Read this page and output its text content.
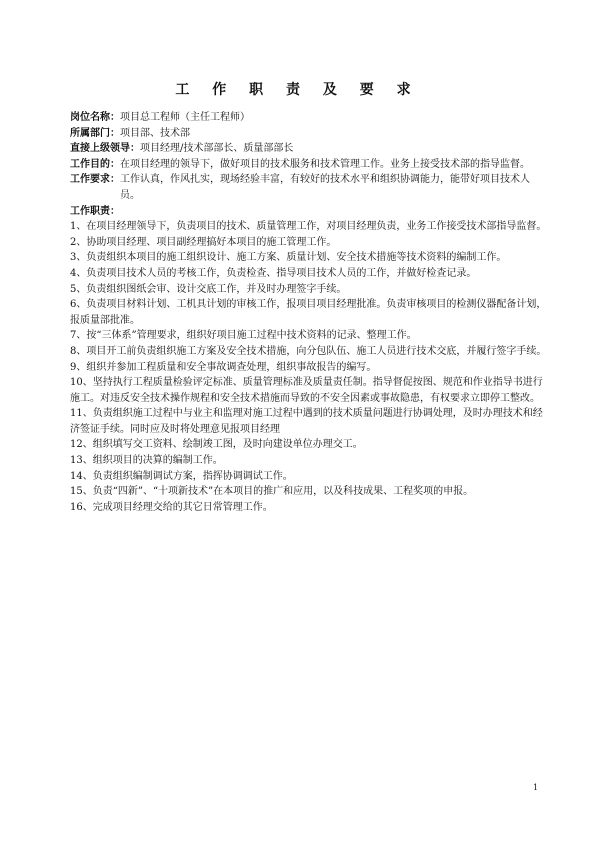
工 作 职 责 及 要 求
岗位名称： 项目总工程师（主任工程师）
所属部门： 项目部、技术部
直接上级领导： 项目经理/技术部部长、质量部部长
工作目的： 在项目经理的领导下，做好项目的技术服务和技术管理工作。业务上接受技术部的指导监督。
工作要求： 工作认真，作风扎实，现场经验丰富，有较好的技术水平和组织协调能力，能带好项目技术人员。
工作职责：
1、在项目经理领导下，负责项目的技术、质量管理工作，对项目经理负责，业务工作接受技术部指导监督。
2、协助项目经理、项目副经理搞好本项目的施工管理工作。
3、负责组织本项目的施工组织设计、施工方案、质量计划、安全技术措施等技术资料的编制工作。
4、负责项目技术人员的考核工作，负责检查、指导项目技术人员的工作，并做好检查记录。
5、负责组织图纸会审、设计交底工作，并及时办理签字手续。
6、负责项目材料计划、工机具计划的审核工作，报项目项目经理批准。负责审核项目的检测仪器配备计划，报质量部批准。
7、按“三体系”管理要求，组织好项目施工过程中技术资料的记录、整理工作。
8、项目开工前负责组织施工方案及安全技术措施，向分包队伍、施工人员进行技术交底，并履行签字手续。
9、组织并参加工程质量和安全事故调查处理，组织事故报告的编写。
10、坚持执行工程质量检验评定标准、质量管理标准及质量责任制。指导督促按图、规范和作业指导书进行施工。对违反安全技术操作规程和安全技术措施而导致的不安全因素或事故隐患，有权要求立即停工整改。
11、负责组织施工过程中与业主和监理对施工过程中遇到的技术质量问题进行协调处理，及时办理技术和经济签证手续。同时应及时将处理意见报项目经理
12、组织填写交工资料、绘制竣工图，及时向建设单位办理交工。
13、组织项目的决算的编制工作。
14、负责组织编制调试方案，指挥协调调试工作。
15、负责“四新”、“十项新技术”在本项目的推广和应用，以及科技成果、工程奖项的申报。
16、完成项目经理交给的其它日常管理工作。
1
